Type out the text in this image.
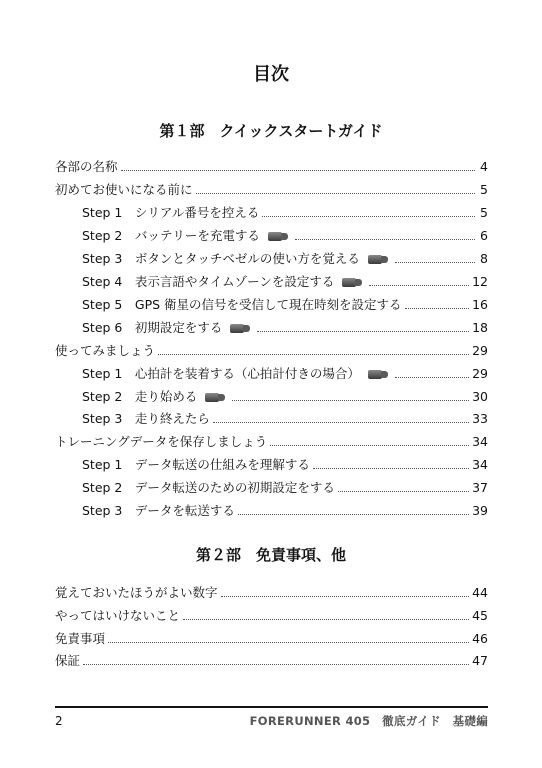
目次
第１部　クイックスタートガイド
各部の名称	4
初めてお使いになる前に	5
Step 1　シリアル番号を控える	5
Step 2　バッテリーを充電する	6
Step 3　ボタンとタッチベゼルの使い方を覚える	8
Step 4　表示言語やタイムゾーンを設定する	12
Step 5　GPS 衛星の信号を受信して現在時刻を設定する	16
Step 6　初期設定をする	18
使ってみましょう	29
Step 1　心拍計を装着する（心拍計付きの場合）	29
Step 2　走り始める	30
Step 3　走り終えたら	33
トレーニングデータを保存しましょう	34
Step 1　データ転送の仕組みを理解する	34
Step 2　データ転送のための初期設定をする	37
Step 3　データを転送する	39
第２部　免責事項、他
覚えておいたほうがよい数字	44
やってはいけないこと	45
免責事項	46
保証	47
2	FORERUNNER 405　徹底ガイド　基礎編
